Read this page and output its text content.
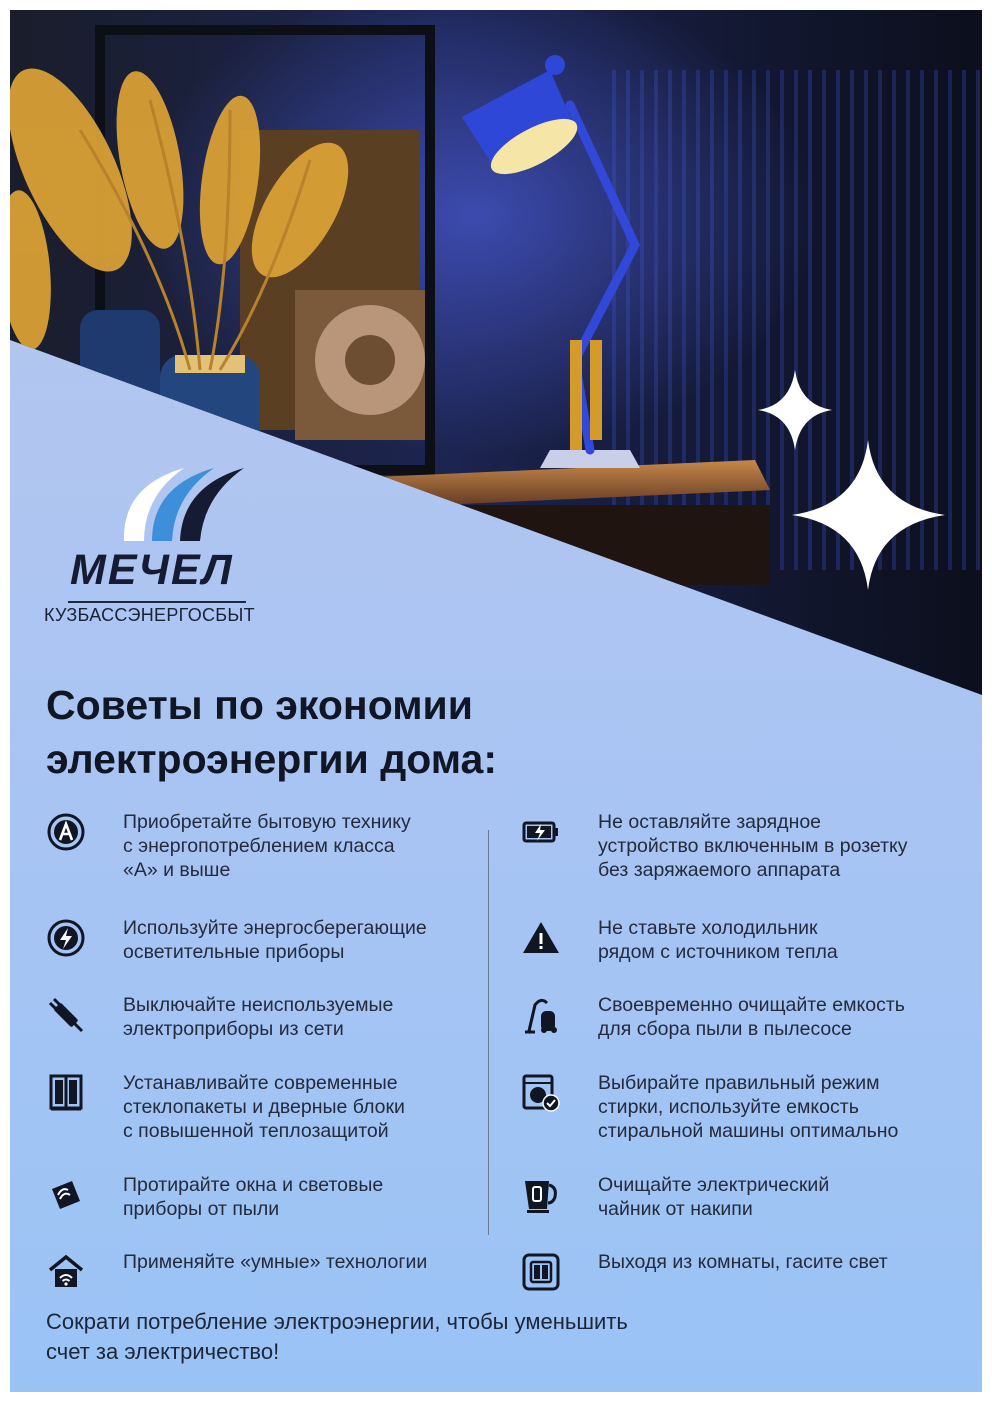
МЕЧЕЛ

КУЗБАССЭНЕРГОСБЫТ
Советы по экономии
электроэнергии дома:
Приобретайте бытовую технику
с энергопотреблением класса
«А» и выше
Используйте энергосберегающие
осветительные приборы
Выключайте неиспользуемые
электроприборы из сети
Устанавливайте современные
стеклопакеты и дверные блоки
с повышенной теплозащитой
Протирайте окна и световые
приборы от пыли
Применяйте «умные» технологии
Не оставляйте зарядное
устройство включенным в розетку
без заряжаемого аппарата
Не ставьте холодильник
рядом с источником тепла
Своевременно очищайте емкость
для сбора пыли в пылесосе
Выбирайте правильный режим
стирки, используйте емкость
стиральной машины оптимально
Очищайте электрический
чайник от накипи
Выходя из комнаты, гасите свет

Сократи потребление электроэнергии, чтобы уменьшить
счет за электричество!
